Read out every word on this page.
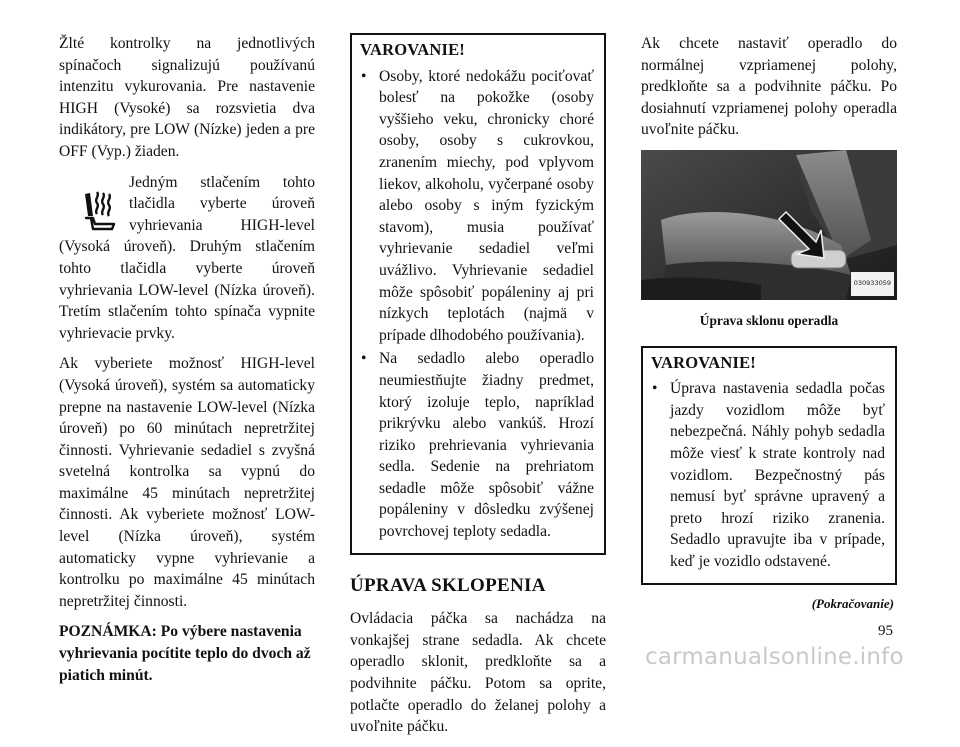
Žlté kontrolky na jednotlivých spínačoch signalizujú používanú intenzitu vykurovania. Pre nastavenie HIGH (Vysoké) sa rozsvietia dva indikátory, pre LOW (Nízke) jeden a pre OFF (Vyp.) žiaden.

Jedným stlačením tohto tlačidla vyberte úroveň vyhrievania HIGH-level (Vysoká úroveň). Druhým stlačením tohto tlačidla vyberte úroveň vyhrievania LOW-level (Nízka úroveň). Tretím stlačením tohto spínača vypnite vyhrievacie prvky.

Ak vyberiete možnosť HIGH-level (Vysoká úroveň), systém sa automaticky prepne na nastavenie LOW-level (Nízka úroveň) po 60 minútach nepretržitej činnosti. Vyhrievanie sedadiel s zvyšná svetelná kontrolka sa vypnú do maximálne 45 minútach nepretržitej činnosti. Ak vyberiete možnosť LOW-level (Nízka úroveň), systém automaticky vypne vyhrievanie a kontrolku po maximálne 45 minútach nepretržitej činnosti.

POZNÁMKA: Po výbere nastavenia vyhrievania pocítite teplo do dvoch až piatich minút.

VAROVANIE!
• Osoby, ktoré nedokážu pociťovať bolesť na pokožke (osoby vyššieho veku, chronicky choré osoby, osoby s cukrovkou, zranením miechy, pod vplyvom liekov, alkoholu, vyčerpané osoby alebo osoby s iným fyzickým stavom), musia používať vyhrievanie sedadiel veľmi uvážlivo. Vyhrievanie sedadiel môže spôsobiť popáleniny aj pri nízkych teplotách (najmä v prípade dlhodobého používania).
• Na sedadlo alebo operadlo neumiestňujte žiadny predmet, ktorý izoluje teplo, napríklad prikrývku alebo vankúš. Hrozí riziko prehrievania vyhrievania sedla. Sedenie na prehriatom sedadle môže spôsobiť vážne popáleniny v dôsledku zvýšenej povrchovej teploty sedadla.
ÚPRAVA SKLOPENIA

Ovládacia páčka sa nachádza na vonkajšej strane sedadla. Ak chcete operadlo sklonit, predkloňte sa a podvihnite páčku. Potom sa oprite, potlačte operadlo do želanej polohy a uvoľnite páčku.

Ak chcete nastaviť operadlo do normálnej vzpriamenej polohy, predkloňte sa a podvihnite páčku. Po dosiahnutí vzpriamenej polohy operadla uvoľnite páčku.

030933059
Úprava sklonu operadla
VAROVANIE!
• Úprava nastavenia sedadla počas jazdy vozidlom môže byť nebezpečná. Náhly pohyb sedadla môže viesť k strate kontroly nad vozidlom. Bezpečnostný pás nemusí byť správne upravený a preto hrozí riziko zranenia. Sedadlo upravujte iba v prípade, keď je vozidlo odstavené.
(Pokračovanie)
95
carmanualsonline.info
